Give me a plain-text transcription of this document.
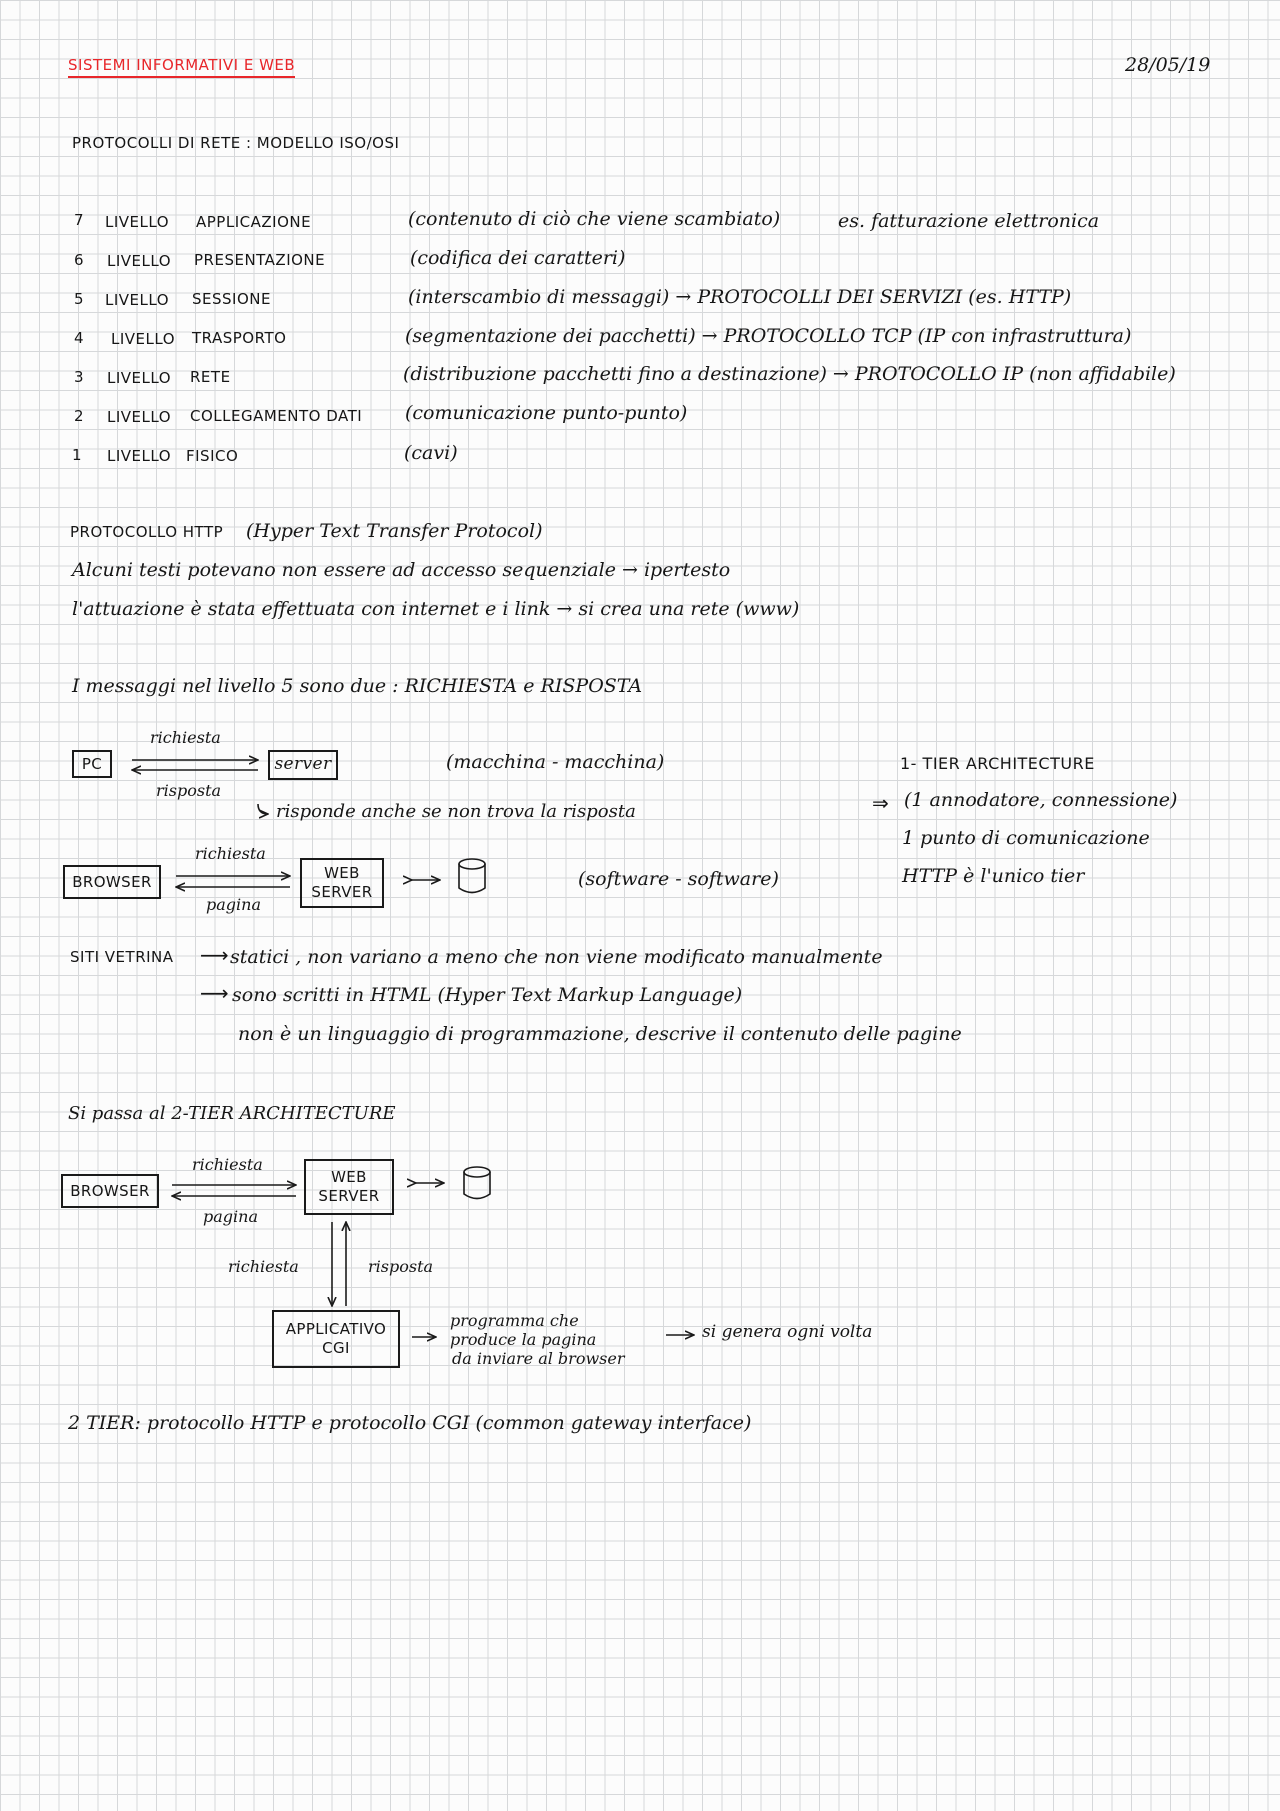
SISTEMI INFORMATIVI E WEB	28/05/19
PROTOCOLLI DI RETE : MODELLO ISO/OSI
7 LIVELLO APPLICAZIONE	(contenuto di ciò che viene scambiato)	es. fatturazione elettronica
6 LIVELLO PRESENTAZIONE	(codifica dei caratteri)
5 LIVELLO SESSIONE	(interscambio di messaggi) → PROTOCOLLI DEI SERVIZI (es. HTTP)
4 LIVELLO TRASPORTO	(segmentazione dei pacchetti) → PROTOCOLLO TCP (IP con infrastruttura)
3 LIVELLO RETE	(distribuzione pacchetti fino a destinazione) → PROTOCOLLO IP (non affidabile)
2 LIVELLO COLLEGAMENTO DATI (comunicazione punto-punto)
1 LIVELLO FISICO	(cavi)
PROTOCOLLO HTTP (Hyper Text Transfer Protocol)
Alcuni testi potevano non essere ad accesso sequenziale → ipertesto
l'attuazione è stata effettuata con internet e i link → si crea una rete (www)
I messaggi nel livello 5 sono due : RICHIESTA e RISPOSTA
PC	server
richiesta
risposta
risponde anche se non trova la risposta
(macchina - macchina)
BROWSER	WEB
SERVER
richiesta
pagina
(software - software)
1- TIER ARCHITECTURE
⇒ (1 annodatore, connessione)
1 punto di comunicazione
HTTP è l'unico tier
SITI VETRINA ⟶ statici , non variano a meno che non viene modificato manualmente
⟶ sono scritti in HTML (Hyper Text Markup Language)
non è un linguaggio di programmazione, descrive il contenuto delle pagine
Si passa al 2-TIER ARCHITECTURE
BROWSER
WEB
SERVER
richiesta
pagina
richiesta	risposta
APPLICATIVO
CGI
programma che
produce la pagina
da inviare al browser
si genera ogni volta
2 TIER: protocollo HTTP e protocollo CGI (common gateway interface)
